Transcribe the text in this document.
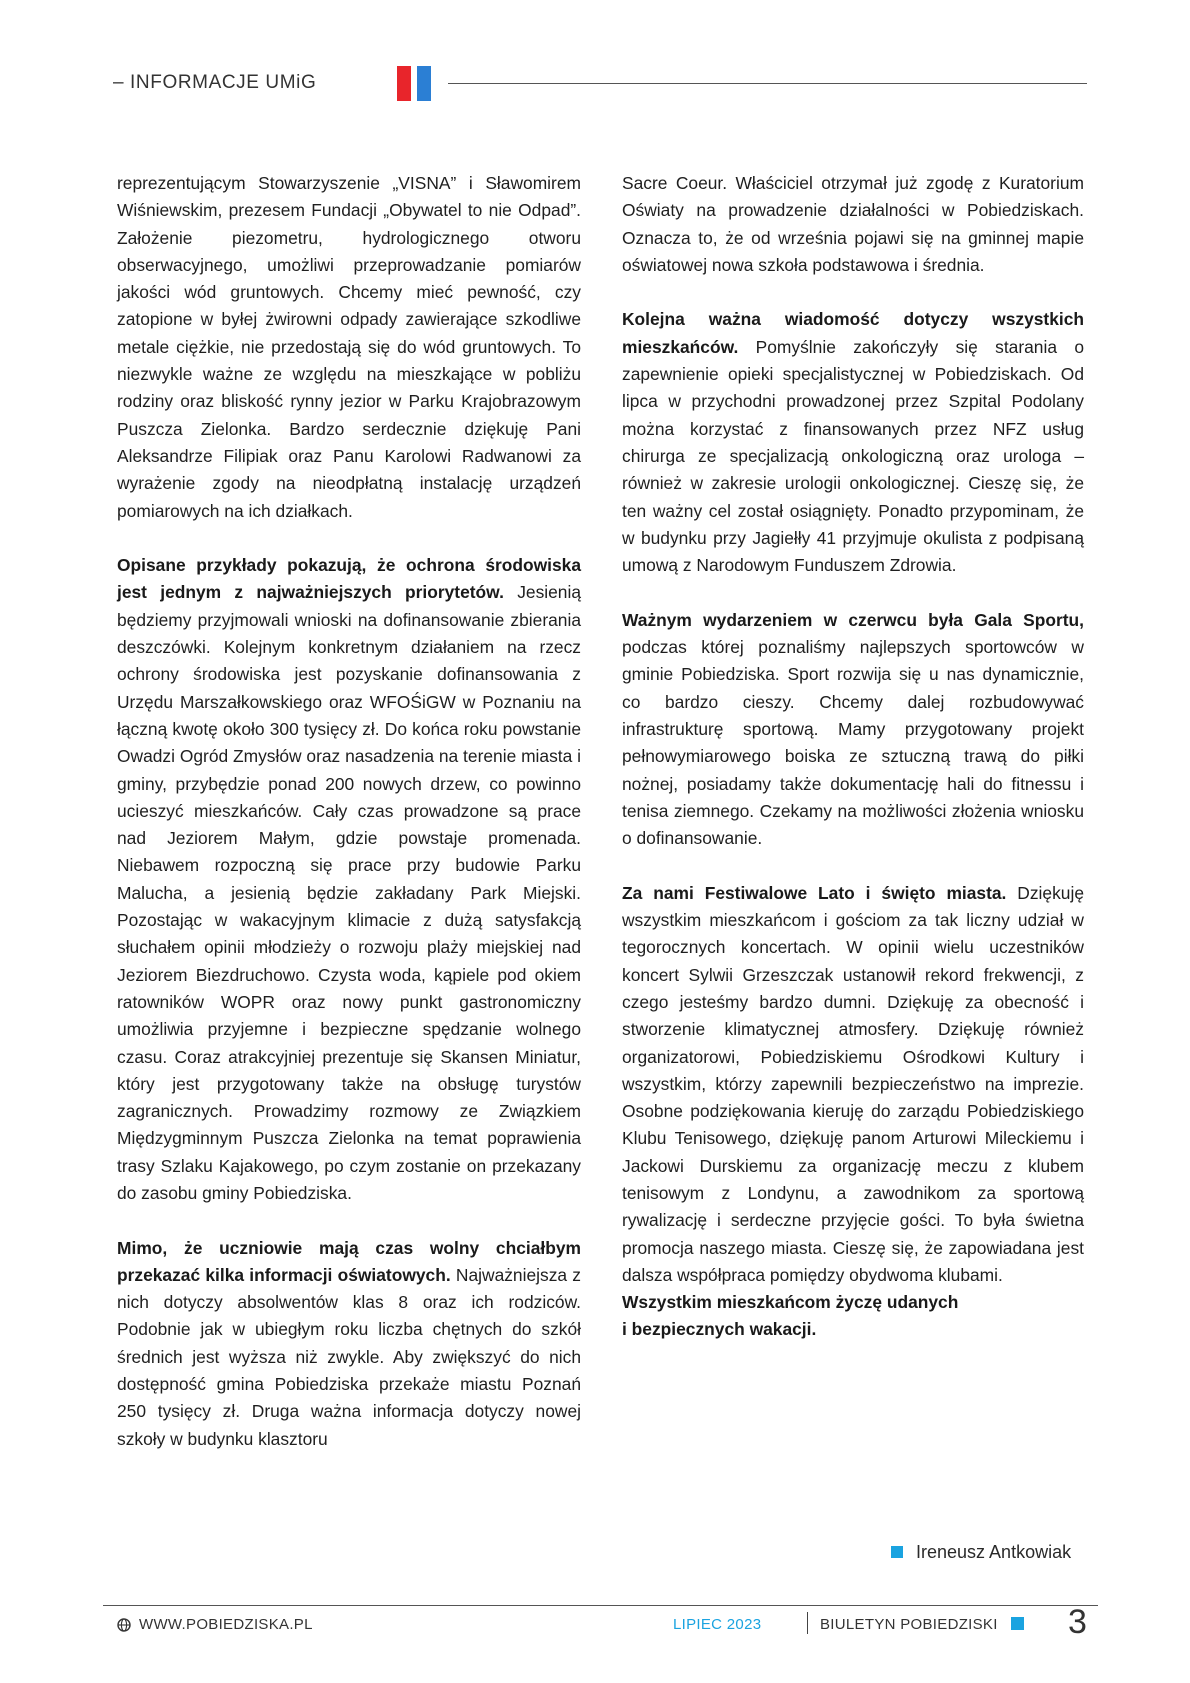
– INFORMACJE UMiG

reprezentującym Stowarzyszenie „VISNA” i Sławomirem Wiśniewskim, prezesem Fundacji „Obywatel to nie Odpad”. Założenie piezometru, hydrologicznego otworu obserwacyjnego, umożliwi przeprowadzanie pomiarów jakości wód gruntowych. Chcemy mieć pewność, czy zatopione w byłej żwirowni odpady zawierające szkodliwe metale ciężkie, nie przedostają się do wód gruntowych. To niezwykle ważne ze względu na mieszkające w pobliżu rodziny oraz bliskość rynny jezior w Parku Krajobrazowym Puszcza Zielonka. Bardzo serdecznie dziękuję Pani Aleksandrze Filipiak oraz Panu Karolowi Radwanowi za wyrażenie zgody na nieodpłatną instalację urządzeń pomiarowych na ich działkach.

Opisane przykłady pokazują, że ochrona środowiska jest jednym z najważniejszych priorytetów. Jesienią będziemy przyjmowali wnioski na dofinansowanie zbierania deszczówki. Kolejnym konkretnym działaniem na rzecz ochrony środowiska jest pozyskanie dofinansowania z Urzędu Marszałkowskiego oraz WFOŚiGW w Poznaniu na łączną kwotę około 300 tysięcy zł. Do końca roku powstanie Owadzi Ogród Zmysłów oraz nasadzenia na terenie miasta i gminy, przybędzie ponad 200 nowych drzew, co powinno ucieszyć mieszkańców. Cały czas prowadzone są prace nad Jeziorem Małym, gdzie powstaje promenada. Niebawem rozpoczną się prace przy budowie Parku Malucha, a jesienią będzie zakładany Park Miejski. Pozostając w wakacyjnym klimacie z dużą satysfakcją słuchałem opinii młodzieży o rozwoju plaży miejskiej nad Jeziorem Biezdruchowo. Czysta woda, kąpiele pod okiem ratowników WOPR oraz nowy punkt gastronomiczny umożliwia przyjemne i bezpieczne spędzanie wolnego czasu. Coraz atrakcyjniej prezentuje się Skansen Miniatur, który jest przygotowany także na obsługę turystów zagranicznych. Prowadzimy rozmowy ze Związkiem Międzygminnym Puszcza Zielonka na temat poprawienia trasy Szlaku Kajakowego, po czym zostanie on przekazany do zasobu gminy Pobiedziska.

Mimo, że uczniowie mają czas wolny chciałbym przekazać kilka informacji oświatowych. Najważniejsza z nich dotyczy absolwentów klas 8 oraz ich rodziców. Podobnie jak w ubiegłym roku liczba chętnych do szkół średnich jest wyższa niż zwykle. Aby zwiększyć do nich dostępność gmina Pobiedziska przekaże miastu Poznań 250 tysięcy zł. Druga ważna informacja dotyczy nowej szkoły w budynku klasztoru

Sacre Coeur. Właściciel otrzymał już zgodę z Kuratorium Oświaty na prowadzenie działalności w Pobiedziskach. Oznacza to, że od września pojawi się na gminnej mapie oświatowej nowa szkoła podstawowa i średnia.

Kolejna ważna wiadomość dotyczy wszystkich mieszkańców. Pomyślnie zakończyły się starania o zapewnienie opieki specjalistycznej w Pobiedziskach. Od lipca w przychodni prowadzonej przez Szpital Podolany można korzystać z finansowanych przez NFZ usług chirurga ze specjalizacją onkologiczną oraz urologa – również w zakresie urologii onkologicznej. Cieszę się, że ten ważny cel został osiągnięty. Ponadto przypominam, że w budynku przy Jagiełły 41 przyjmuje okulista z podpisaną umową z Narodowym Funduszem Zdrowia.

Ważnym wydarzeniem w czerwcu była Gala Sportu, podczas której poznaliśmy najlepszych sportowców w gminie Pobiedziska. Sport rozwija się u nas dynamicznie, co bardzo cieszy. Chcemy dalej rozbudowywać infrastrukturę sportową. Mamy przygotowany projekt pełnowymiarowego boiska ze sztuczną trawą do piłki nożnej, posiadamy także dokumentację hali do fitnessu i tenisa ziemnego. Czekamy na możliwości złożenia wniosku o dofinansowanie.

Za nami Festiwalowe Lato i święto miasta. Dziękuję wszystkim mieszkańcom i gościom za tak liczny udział w tegorocznych koncertach. W opinii wielu uczestników koncert Sylwii Grzeszczak ustanowił rekord frekwencji, z czego jesteśmy bardzo dumni. Dziękuję za obecność i stworzenie klimatycznej atmosfery. Dziękuję również organizatorowi, Pobiedziskiemu Ośrodkowi Kultury i wszystkim, którzy zapewnili bezpieczeństwo na imprezie. Osobne podziękowania kieruję do zarządu Pobiedziskiego Klubu Tenisowego, dziękuję panom Arturowi Mileckiemu i Jackowi Durskiemu za organizację meczu z klubem tenisowym z Londynu, a zawodnikom za sportową rywalizację i serdeczne przyjęcie gości. To była świetna promocja naszego miasta. Cieszę się, że zapowiadana jest dalsza współpraca pomiędzy obydwoma klubami.

Wszystkim mieszkańcom życzę udanych
i bezpiecznych wakacji.

Ireneusz Antkowiak
WWW.POBIEDZISKA.PL	LIPIEC 2023	BIULETYN POBIEDZISKI 3
